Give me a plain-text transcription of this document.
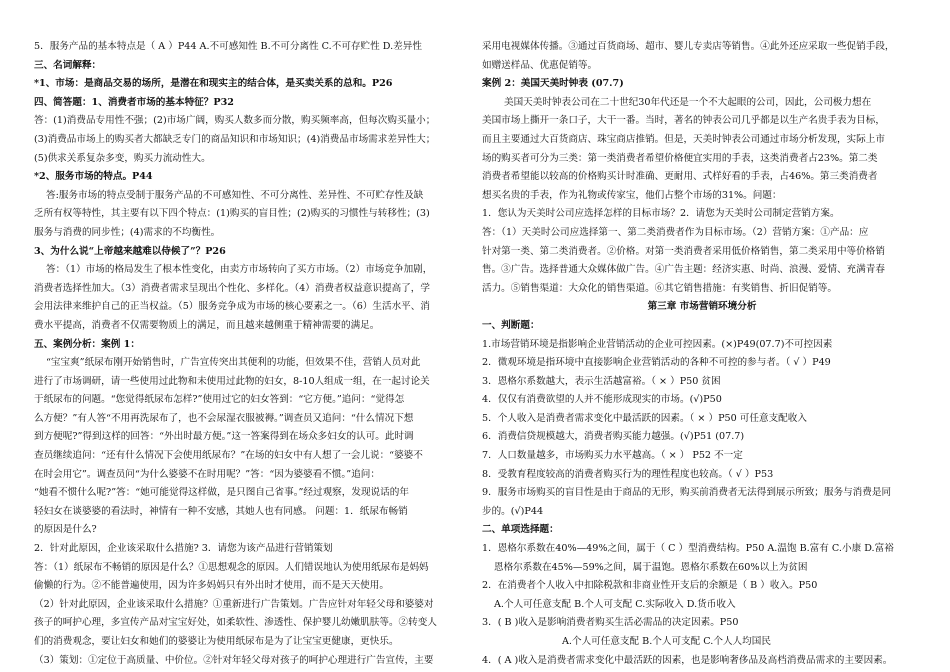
5．服务产品的基本特点是（ A ）P44 A.不可感知性 B.不可分离性 C.不可存贮性 D.差异性
三、名词解释：
*1、市场：是商品交易的场所，是潜在和现实主的结合体，是买卖关系的总和。P26
四、简答题：1、消费者市场的基本特征？P32
答：(1)消费品专用性不强；(2)市场广阔，购买人数多而分散，购买频率高，但每次购买量小；
(3)消费品市场上的购买者大都缺乏专门的商品知识和市场知识；(4)消费品市场需求差异性大；
(5)供求关系复杂多变，购买力流动性大。
*2、服务市场的特点。P44
答:服务市场的特点受制于服务产品的不可感知性、不可分离性、差异性、不可贮存性及缺
乏所有权等特性，其主要有以下四个特点：(1)购买的盲目性；(2)购买的习惯性与转移性；(3)
服务与消费的同步性；(4)需求的不均衡性。
3、为什么说“上帝越来越难以侍候了”？P26
答：（1）市场的格局发生了根本性变化，由卖方市场转向了买方市场。（2）市场竞争加剧，
消费者选择性加大。（3）消费者需求呈现出个性化、多样化。（4）消费者权益意识提高了，学
会用法律来维护自己的正当权益。（5）服务竞争成为市场的核心要素之一。（6）生活水平、消
费水平提高，消费者不仅需要物质上的满足，而且越来越侧重于精神需要的满足。
五、案例分析：案例 1：
“宝宝爽”纸尿布刚开始销售时，广告宣传突出其便利的功能，但效果不佳，营销人员对此
进行了市场调研，请一些使用过此物和未使用过此物的妇女，8-10人组成一组，在一起讨论关
于纸尿布的问题。“您觉得纸尿布怎样?”使用过它的妇女答到：“它方便。”追问：“觉得怎
么方便？”有人答“不用再洗尿布了，也不会尿湿衣服被褥。”调查员又追问：“什么情况下想
到方便呢?”得到这样的回答：“外出时最方便。”这一答案得到在场众多妇女的认可。此时调
查员继续追问：“还有什么情况下会使用纸尿布？”在场的妇女中有人想了一会儿说：“婆婆不
在时会用它”。调查员问“为什么婆婆不在时用呢？”答：“因为婆婆看不惯。”追问：
“她看不惯什么呢?”答：“她可能觉得这样做，是只图自己省事。”经过观察，发现说话的年
轻妇女在谈婆婆的看法时，神情有一种不安感，其她人也有同感。 问题：1．纸尿布畅销
的原因是什么?
2．针对此原因，企业该采取什么措施? 3．请您为该产品进行营销策划
答：（1）纸尿布不畅销的原因是什么？①思想观念的原因。人们错误地认为使用纸尿布是妈妈
偷懒的行为。②不能普遍使用，因为许多妈妈只有外出时才使用，而不是天天使用。
（2）针对此原因，企业该采取什么措施？①重新进行广告策划。广告应针对年轻父母和婆婆对
孩子的呵护心理，多宣传产品对宝宝好处，如柔软性、渗透性、保护婴儿幼嫩肌肤等。②转变人
们的消费观念，要让妇女和她们的婆婆让为使用纸尿布是为了让宝宝更健康，更快乐。
（3）策划：①定位于高质量、中价位。②针对年轻父母对孩子的呵护心理进行广告宣传，主要
采用电视媒体传播。③通过百货商场、超市、婴儿专卖店等销售。④此外还应采取一些促销手段，
如赠送样品、优惠促销等。
案例 2：美国天美时钟表 (07.7)
美国天美时钟表公司在二十世纪30年代还是一个不大起眼的公司，因此，公司极力想在
美国市场上撕开一条口子，大干一番。当时，著名的钟表公司几乎都是以生产名贵手表为目标，
而且主要通过大百货商店、珠宝商店推销。但是，天美时钟表公司通过市场分析发现，实际上市
场的购买者可分为三类：第一类消费者希望价格便宜实用的手表，这类消费者占23%。第二类
消费者希望能以较高的价格购买计时准确、更耐用、式样好看的手表，占46%。第三类消费者
想买名贵的手表，作为礼物或传家宝，他们占整个市场的31%。问题：
1．您认为天美时公司应选择怎样的目标市场？2．请您为天美时公司制定营销方案。
答：（1）天美时公司应选择第一、第二类消费者作为目标市场。（2）营销方案：①产品：应
针对第一类、第二类消费者。②价格。对第一类消费者采用低价格销售，第二类采用中等价格销
售。③广告。选择普通大众媒体做广告。④广告主题：经济实惠、时尚、浪漫、爱情、充满青春
活力。⑤销售渠道：大众化的销售渠道。⑥其它销售措施：有奖销售、折旧促销等。
第三章 市场营销环境分析
一、判断题：
1.市场营销环境是指影响企业营销活动的企业可控因素。(×)P49(07.7)不可控因素
2．微观环境是指环境中直接影响企业营销活动的各种不可控的参与者。（ √ ）P49
3．恩格尔系数越大，表示生活越富裕。（ × ）P50 贫困
4．仅仅有消费欲望的人并不能形成现实的市场。(√)P50
5．个人收入是消费者需求变化中最活跃的因素。（ × ）P50 可任意支配收入
6．消费信贷规模越大，消费者购买能力越强。(√)P51 (07.7)
7．人口数量越多，市场购买力水平越高。（ × ） P52 不一定
8．受教育程度较高的消费者购买行为的理性程度也较高。（ √ ）P53
9．服务市场购买的盲目性是由于商品的无形，购买前消费者无法得到展示所致；服务与消费是同
步的。(√)P44
二、单项选择题：
1．恩格尔系数在40%—49%之间，属于（ C ）型消费结构。P50 A.温饱 B.富有 C.小康 D.富裕
恩格尔系数在45%—59%之间，属于温饱。恩格尔系数在60%以上为贫困
2．在消费者个人收入中扣除税款和非商业性开支后的余额是（ B ）收入。P50
A.个人可任意支配 B.个人可支配 C.实际收入 D.货币收入
3．( B )收入是影响消费者购买生活必需品的决定因素。P50
A.个人可任意支配 B.个人可支配 C.个人人均国民
4．( A )收入是消费者需求变化中最活跃的因素，也是影响奢侈品及高档消费品需求的主要因素。
